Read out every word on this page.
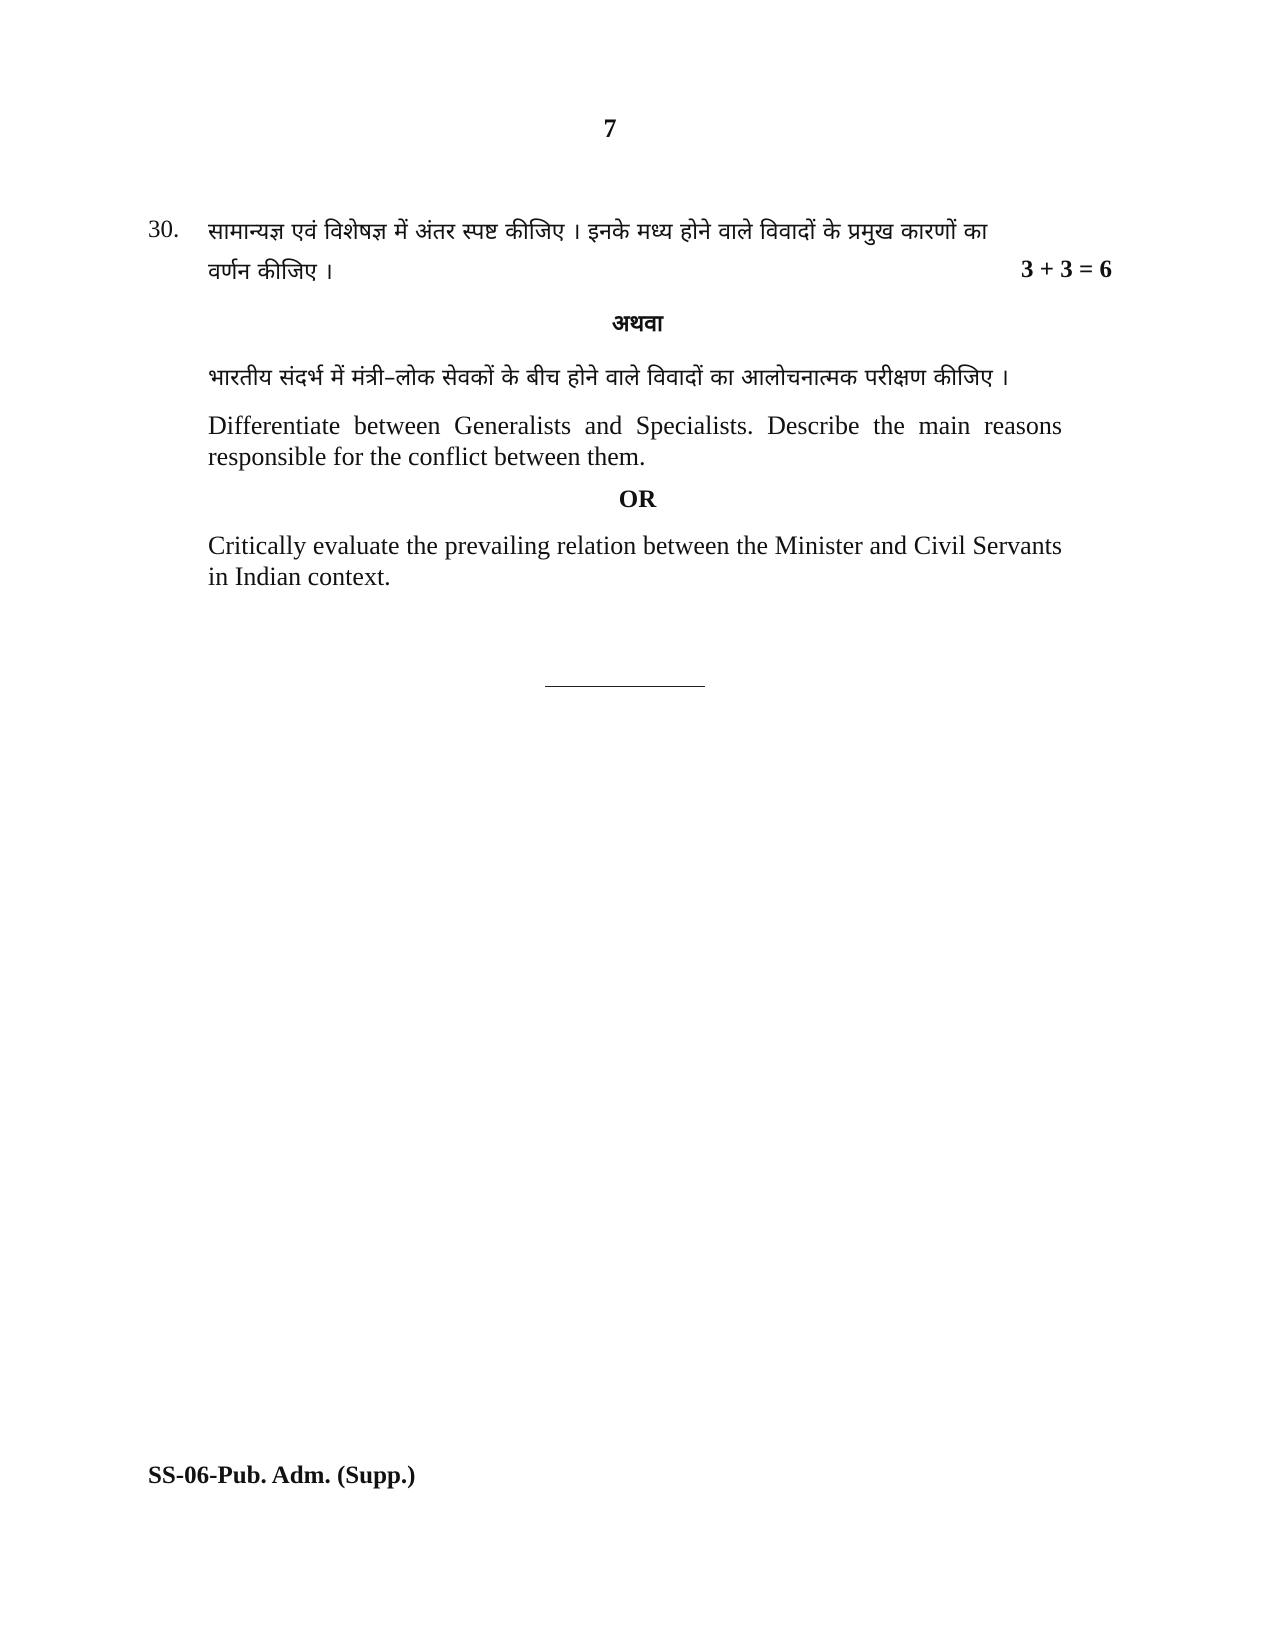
7
30. सामान्यज्ञ एवं विशेषज्ञ में अंतर स्पष्ट कीजिए । इनके मध्य होने वाले विवादों के प्रमुख कारणों का
वर्णन कीजिए ।	3 + 3 = 6
अथवा
भारतीय संदर्भ में मंत्री–लोक सेवकों के बीच होने वाले विवादों का आलोचनात्मक परीक्षण कीजिए ।
Differentiate between Generalists and Specialists. Describe the main reasons responsible for the conflict between them.
OR
Critically evaluate the prevailing relation between the Minister and Civil Servants in Indian context.
SS-06-Pub. Adm. (Supp.)
